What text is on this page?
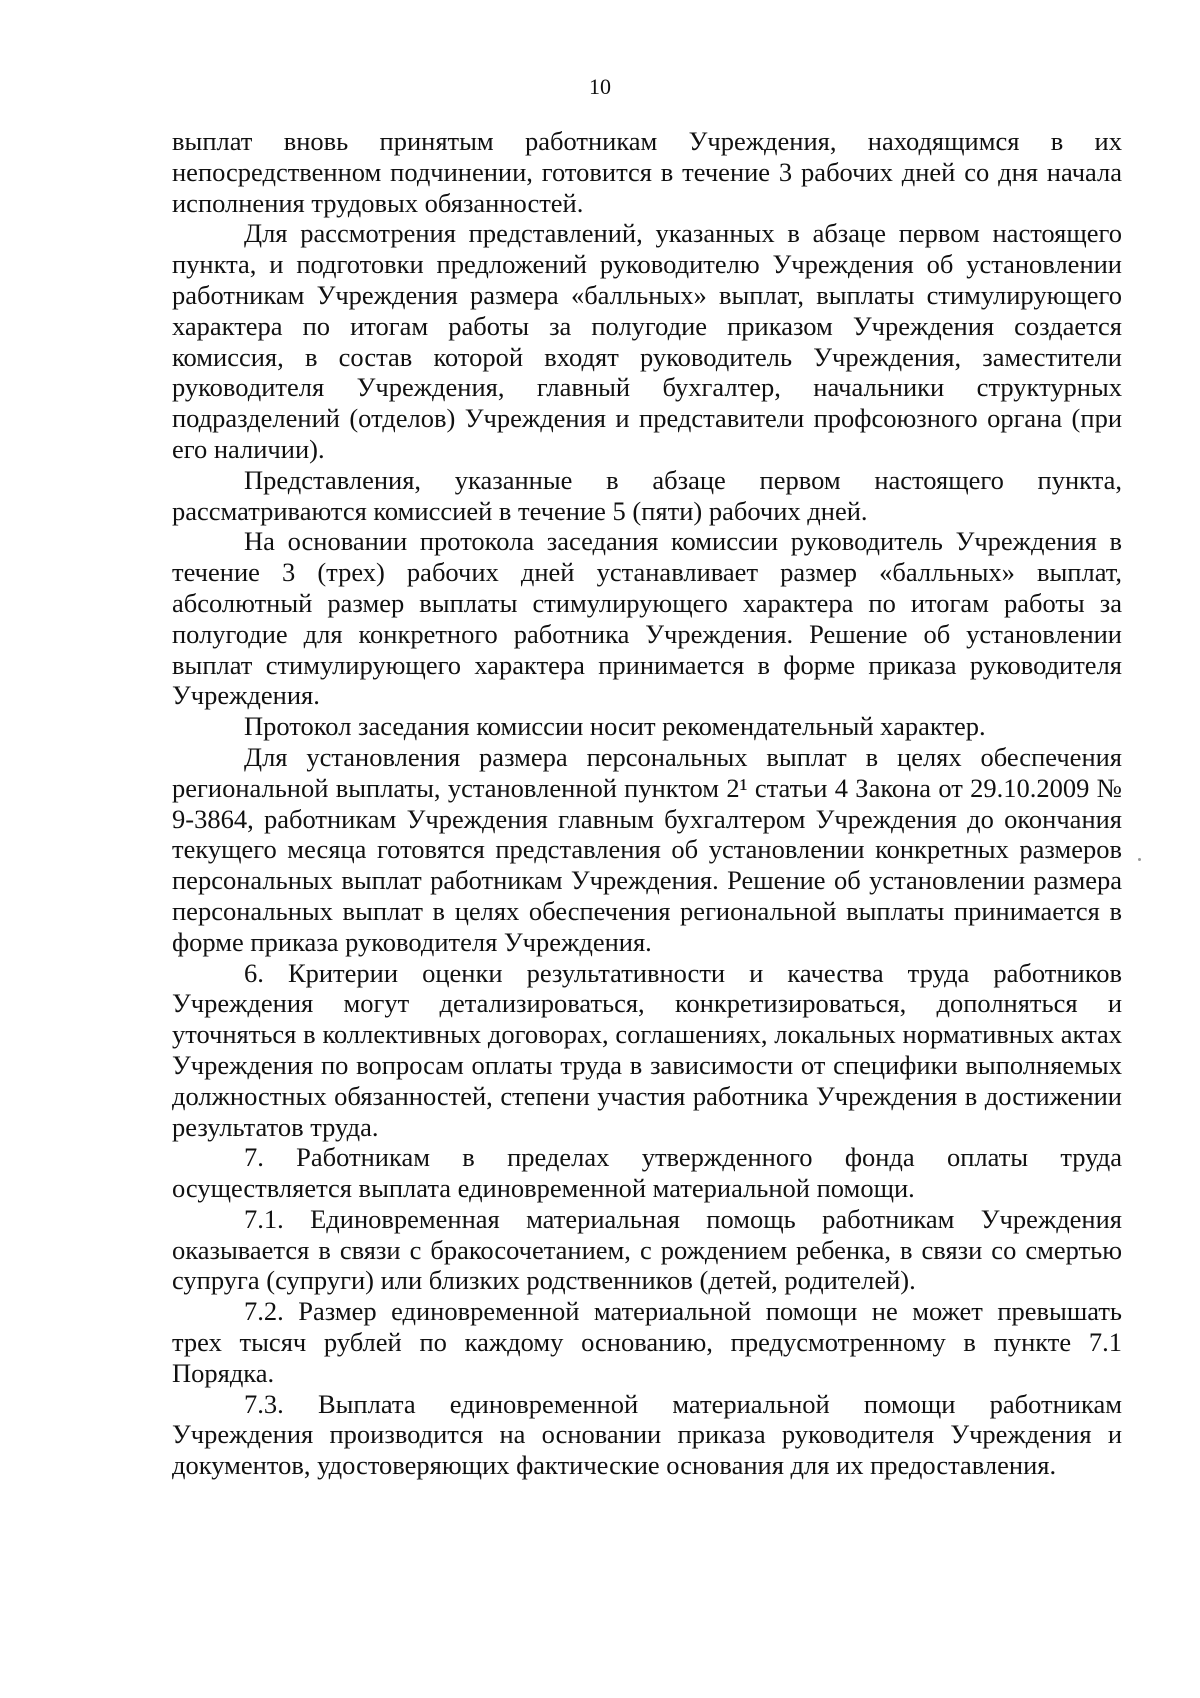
10

выплат вновь принятым работникам Учреждения, находящимся в их непосредственном подчинении, готовится в течение 3 рабочих дней со дня начала исполнения трудовых обязанностей.

Для рассмотрения представлений, указанных в абзаце первом настоящего пункта, и подготовки предложений руководителю Учреждения об установлении работникам Учреждения размера «балльных» выплат, выплаты стимулирующего характера по итогам работы за полугодие приказом Учреждения создается комиссия, в состав которой входят руководитель Учреждения, заместители руководителя Учреждения, главный бухгалтер, начальники структурных подразделений (отделов) Учреждения и представители профсоюзного органа (при его наличии).

Представления, указанные в абзаце первом настоящего пункта, рассматриваются комиссией в течение 5 (пяти) рабочих дней.

На основании протокола заседания комиссии руководитель Учреждения в течение 3 (трех) рабочих дней устанавливает размер «балльных» выплат, абсолютный размер выплаты стимулирующего характера по итогам работы за полугодие для конкретного работника Учреждения. Решение об установлении выплат стимулирующего характера принимается в форме приказа руководителя Учреждения.

Протокол заседания комиссии носит рекомендательный характер.

Для установления размера персональных выплат в целях обеспечения региональной выплаты, установленной пунктом 2¹ статьи 4 Закона от 29.10.2009 № 9-3864, работникам Учреждения главным бухгалтером Учреждения до окончания текущего месяца готовятся представления об установлении конкретных размеров персональных выплат работникам Учреждения. Решение об установлении размера персональных выплат в целях обеспечения региональной выплаты принимается в форме приказа руководителя Учреждения.

6. Критерии оценки результативности и качества труда работников Учреждения могут детализироваться, конкретизироваться, дополняться и уточняться в коллективных договорах, соглашениях, локальных нормативных актах Учреждения по вопросам оплаты труда в зависимости от специфики выполняемых должностных обязанностей, степени участия работника Учреждения в достижении результатов труда.

7. Работникам в пределах утвержденного фонда оплаты труда осуществляется выплата единовременной материальной помощи.

7.1. Единовременная материальная помощь работникам Учреждения оказывается в связи с бракосочетанием, с рождением ребенка, в связи со смертью супруга (супруги) или близких родственников (детей, родителей).

7.2. Размер единовременной материальной помощи не может превышать трех тысяч рублей по каждому основанию, предусмотренному в пункте 7.1 Порядка.

7.3. Выплата единовременной материальной помощи работникам Учреждения производится на основании приказа руководителя Учреждения и документов, удостоверяющих фактические основания для их предоставления.
